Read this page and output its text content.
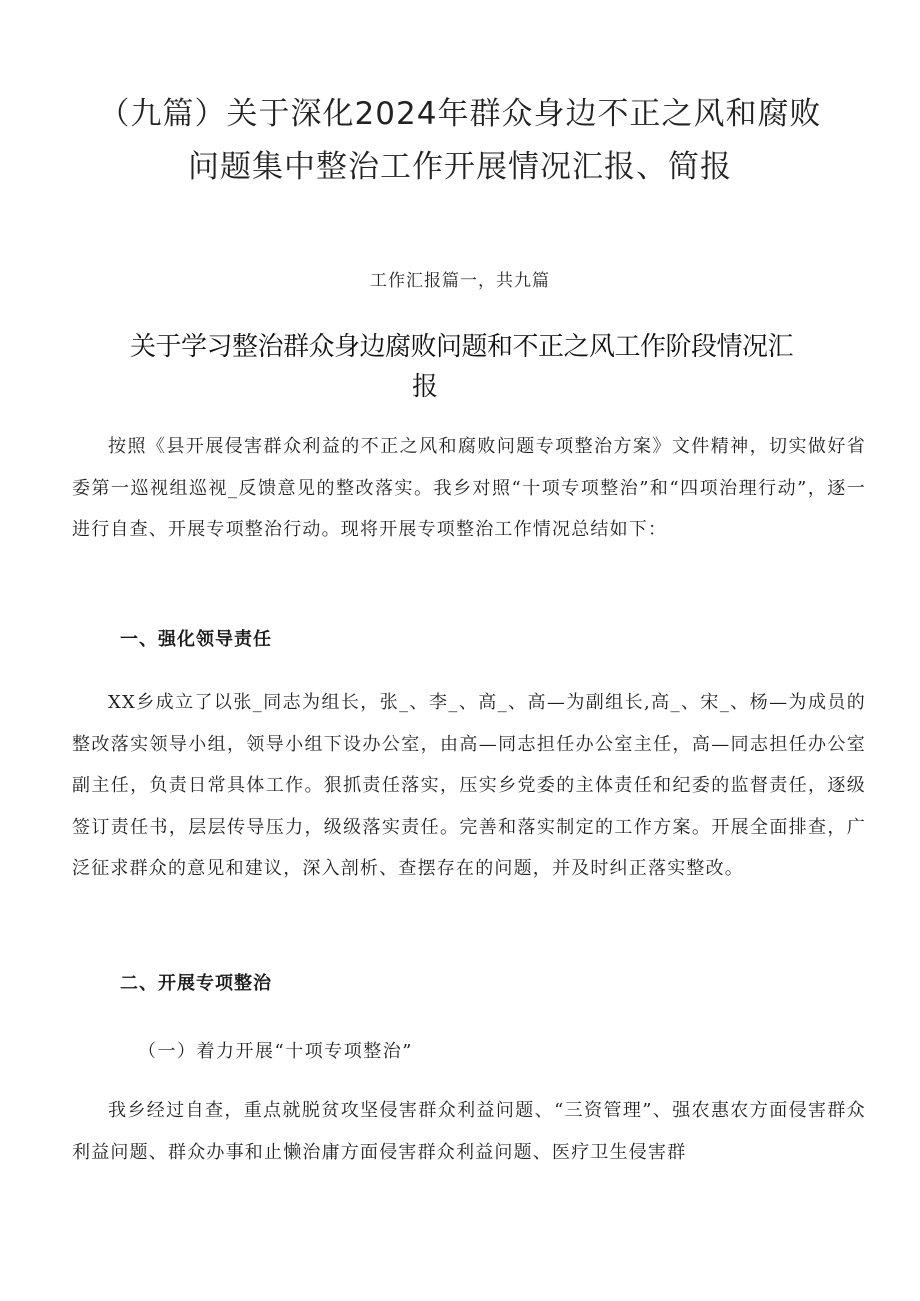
（九篇）关于深化2024年群众身边不正之风和腐败
问题集中整治工作开展情况汇报、简报
工作汇报篇一，共九篇
关于学习整治群众身边腐败问题和不正之风工作阶段情况汇
报

按照《县开展侵害群众利益的不正之风和腐败问题专项整治方案》文件精神，切实做好省委第一巡视组巡视_反馈意见的整改落实。我乡对照“十项专项整治”和“四项治理行动”，逐一进行自查、开展专项整治行动。现将开展专项整治工作情况总结如下：

一、强化领导责任

XX乡成立了以张_同志为组长，张_、李_、高_、高—为副组长,高_、宋_、杨—为成员的整改落实领导小组，领导小组下设办公室，由高—同志担任办公室主任，高—同志担任办公室副主任，负责日常具体工作。狠抓责任落实，压实乡党委的主体责任和纪委的监督责任，逐级签订责任书，层层传导压力，级级落实责任。完善和落实制定的工作方案。开展全面排查，广泛征求群众的意见和建议，深入剖析、查摆存在的问题，并及时纠正落实整改。

二、开展专项整治
（一）着力开展“十项专项整治”

我乡经过自查，重点就脱贫攻坚侵害群众利益问题、“三资管理”、强农惠农方面侵害群众利益问题、群众办事和止懒治庸方面侵害群众利益问题、医疗卫生侵害群
